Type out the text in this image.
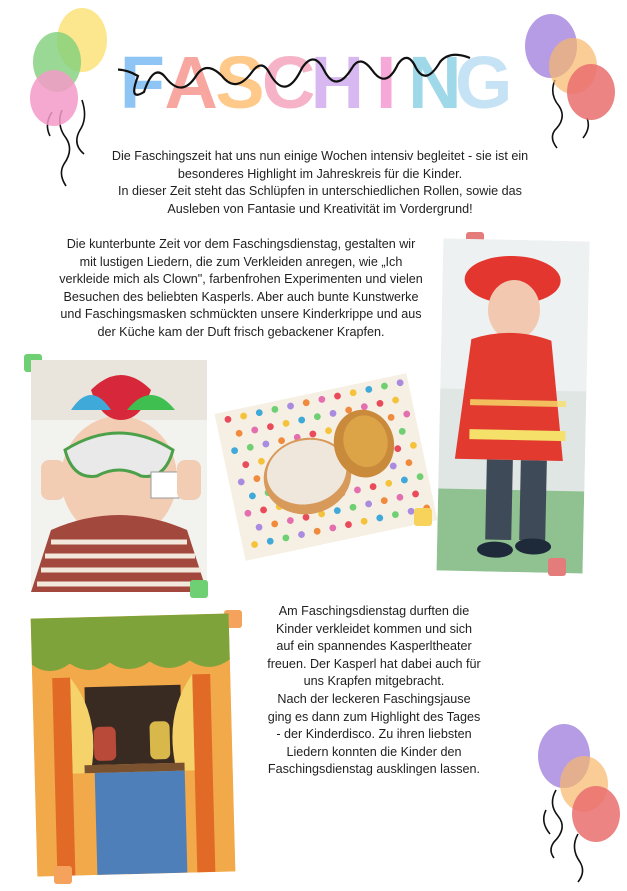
F A
S
C
H I N
G
Die Faschingszeit hat uns nun einige Wochen intensiv begleitet - sie ist ein
besonderes Highlight im Jahreskreis für die Kinder.
In dieser Zeit steht das Schlüpfen in unterschiedlichen Rollen, sowie das
Ausleben von Fantasie und Kreativität im Vordergrund!
Die kunterbunte Zeit vor dem Faschingsdienstag, gestalten wir
mit lustigen Liedern, die zum Verkleiden anregen, wie „Ich
verkleide mich als Clown", farbenfrohen Experimenten und vielen
Besuchen des beliebten Kasperls. Aber auch bunte Kunstwerke
und Faschingsmasken schmückten unsere Kinderkrippe und aus
der Küche kam der Duft frisch gebackener Krapfen.
Am Faschingsdienstag durften die
Kinder verkleidet kommen und sich
auf ein spannendes Kasperltheater
freuen. Der Kasperl hat dabei auch für
uns Krapfen mitgebracht.
Nach der leckeren Faschingsjause
ging es dann zum Highlight des Tages
- der Kinderdisco. Zu ihren liebsten
Liedern konnten die Kinder den
Faschingsdienstag ausklingen lassen.
